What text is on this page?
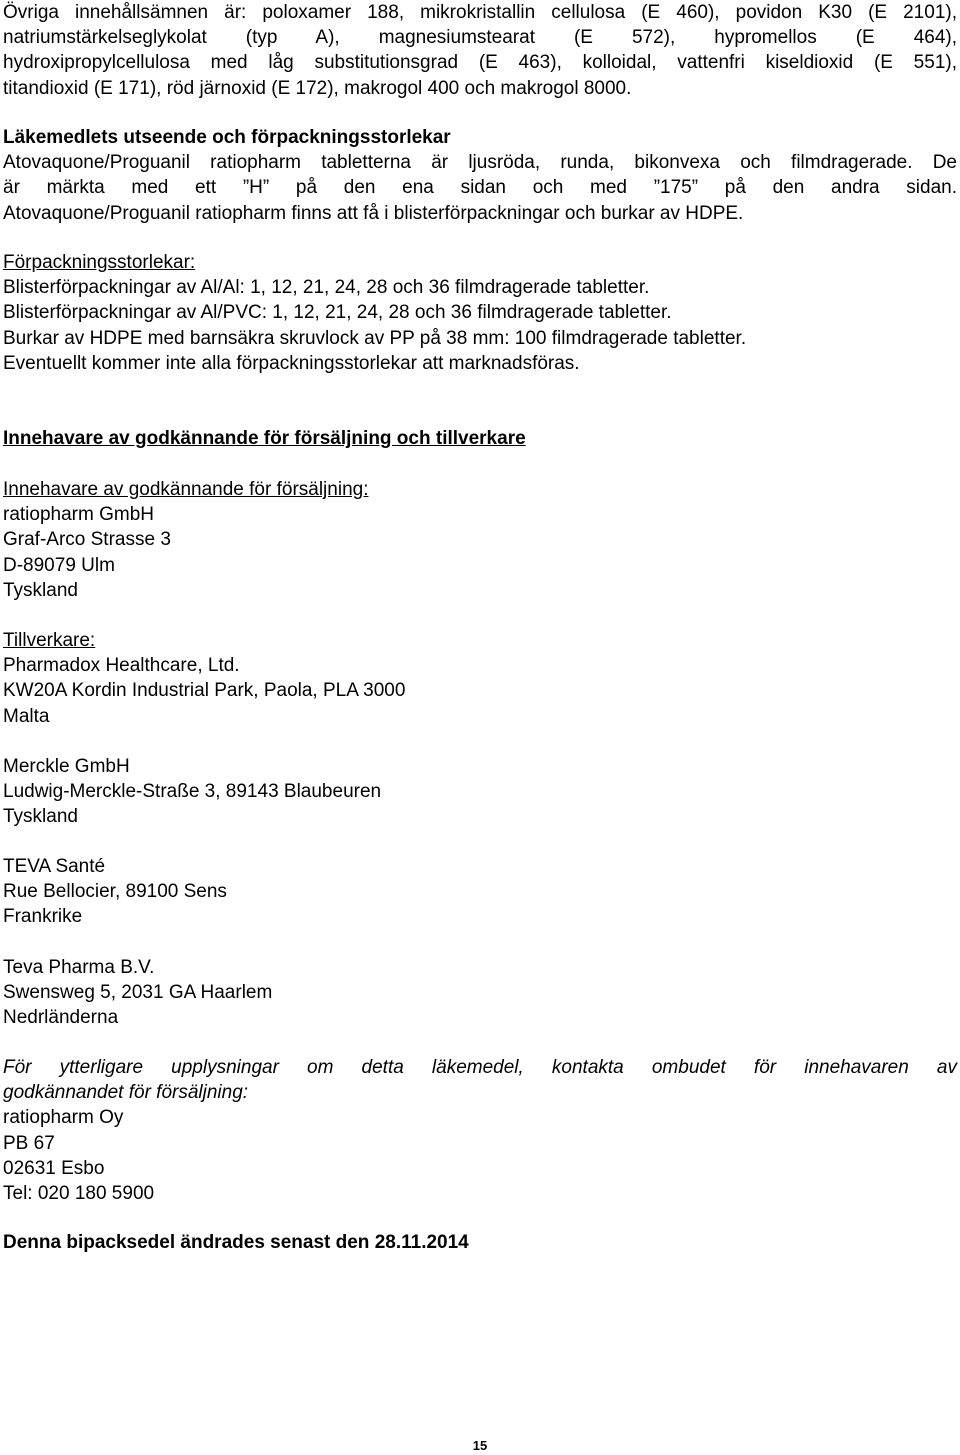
Övriga innehållsämnen är: poloxamer 188, mikrokristallin cellulosa (E 460), povidon K30 (E 2101),
natriumstärkelseglykolat (typ A), magnesiumstearat (E 572), hypromellos (E 464),
hydroxipropylcellulosa med låg substitutionsgrad (E 463), kolloidal, vattenfri kiseldioxid (E 551),
titandioxid (E 171), röd järnoxid (E 172), makrogol 400 och makrogol 8000.
Läkemedlets utseende och förpackningsstorlekar
Atovaquone/Proguanil ratiopharm tabletterna är ljusröda, runda, bikonvexa och filmdragerade. De
är märkta med ett ”H” på den ena sidan och med ”175” på den andra sidan.
Atovaquone/Proguanil ratiopharm finns att få i blisterförpackningar och burkar av HDPE.
Förpackningsstorlekar:
Blisterförpackningar av Al/Al: 1, 12, 21, 24, 28 och 36 filmdragerade tabletter.
Blisterförpackningar av Al/PVC: 1, 12, 21, 24, 28 och 36 filmdragerade tabletter.
Burkar av HDPE med barnsäkra skruvlock av PP på 38 mm: 100 filmdragerade tabletter.
Eventuellt kommer inte alla förpackningsstorlekar att marknadsföras.
Innehavare av godkännande för försäljning och tillverkare
Innehavare av godkännande för försäljning:
ratiopharm GmbH
Graf-Arco Strasse 3
D-89079 Ulm
Tyskland
Tillverkare:
Pharmadox Healthcare, Ltd.
KW20A Kordin Industrial Park, Paola, PLA 3000
Malta
Merckle GmbH
Ludwig-Merckle-Straße 3, 89143 Blaubeuren
Tyskland
TEVA Santé
Rue Bellocier, 89100 Sens
Frankrike
Teva Pharma B.V.
Swensweg 5, 2031 GA Haarlem
Nedrländerna
För ytterligare upplysningar om detta läkemedel, kontakta ombudet för innehavaren av
godkännandet för försäljning:
ratiopharm Oy
PB 67
02631 Esbo
Tel: 020 180 5900
Denna bipacksedel ändrades senast den 28.11.2014
15
